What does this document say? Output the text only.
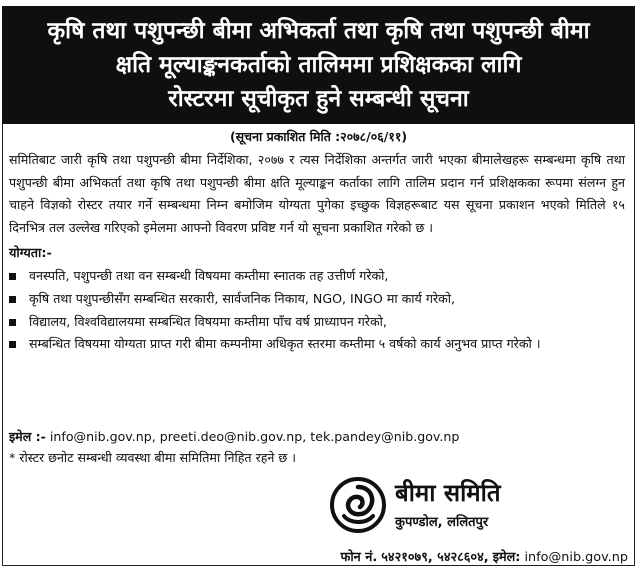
कृषि तथा पशुपन्छी बीमा अभिकर्ता तथा कृषि तथा पशुपन्छी बीमा
क्षति मूल्याङ्कनकर्ताको तालिममा प्रशिक्षकका लागि
रोस्टरमा सूचीकृत हुने सम्बन्धी सूचना
(सूचना प्रकाशित मिति :२०७८/०६/११)
समितिबाट जारी कृषि तथा पशुपन्छी बीमा निर्देशिका, २०७७ र त्यस निर्देशिका अन्तर्गत जारी भएका बीमालेखहरू सम्बन्धमा कृषि तथा पशुपन्छी बीमा अभिकर्ता तथा कृषि तथा पशुपन्छी बीमा क्षति मूल्याङ्कन कर्ताका लागि तालिम प्रदान गर्न प्रशिक्षकका रूपमा संलग्न हुन चाहने विज्ञको रोस्टर तयार गर्ने सम्बन्धमा निम्न बमोजिम योग्यता पुगेका इच्छुक विज्ञहरूबाट यस सूचना प्रकाशन भएको मितिले १५ दिनभित्र तल उल्लेख गरिएको इमेलमा आफ्नो विवरण प्रविष्ट गर्न यो सूचना प्रकाशित गरेको छ ।
योग्यता:-
वनस्पति, पशुपन्छी तथा वन सम्बन्धी विषयमा कम्तीमा स्नातक तह उत्तीर्ण गरेको,
कृषि तथा पशुपन्छीसँग सम्बन्धित सरकारी, सार्वजनिक निकाय, NGO, INGO मा कार्य गरेको,
विद्यालय, विश्वविद्यालयमा सम्बन्धित विषयमा कम्तीमा पाँच वर्ष प्राध्यापन गरेको,
सम्बन्धित विषयमा योग्यता प्राप्त गरी बीमा कम्पनीमा अधिकृत स्तरमा कम्तीमा ५ वर्षको कार्य अनुभव प्राप्त गरेको ।
इमेल :- info@nib.gov.np, preeti.deo@nib.gov.np, tek.pandey@nib.gov.np
* रोस्टर छनोट सम्बन्धी व्यवस्था बीमा समितिमा निहित रहने छ ।
बीमा समिति
कुपण्डोल, ललितपुर
फोन नं. ५४२१०७९, ५४२८६०४, इमेल: info@nib.gov.np
